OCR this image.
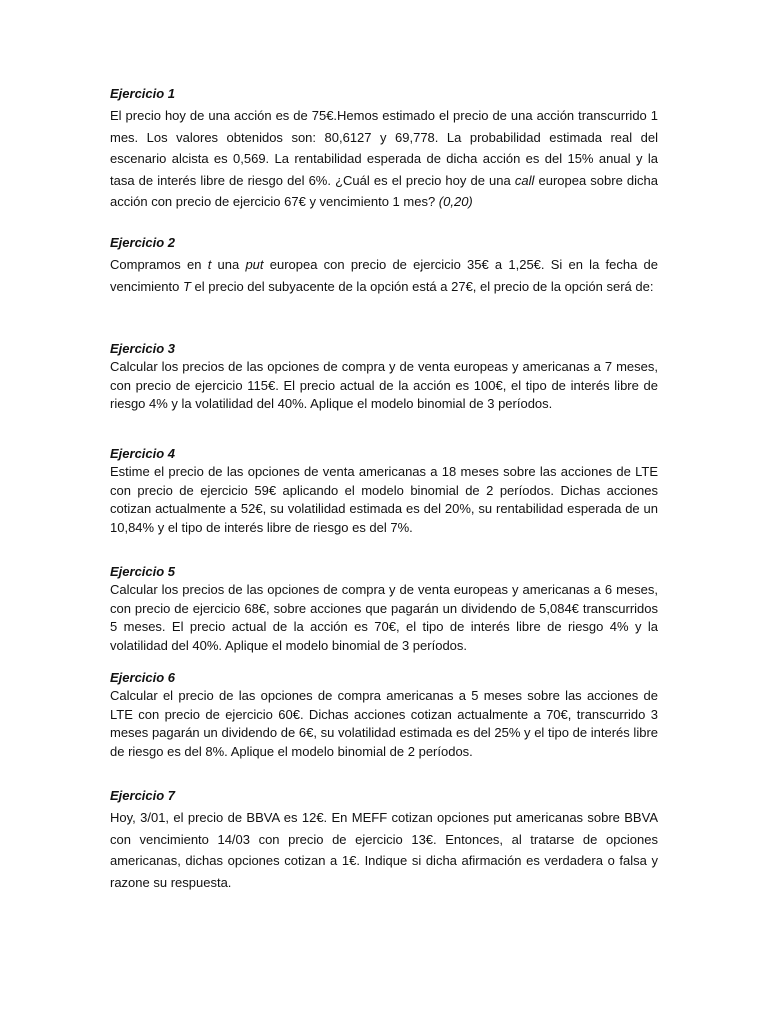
Ejercicio 1

El precio hoy de una acción es de 75€.Hemos estimado el precio de una acción transcurrido 1 mes. Los valores obtenidos son: 80,6127 y 69,778. La probabilidad estimada real del escenario alcista es 0,569. La rentabilidad esperada de dicha acción es del 15% anual y la tasa de interés libre de riesgo del 6%. ¿Cuál es el precio hoy de una call europea sobre dicha acción con precio de ejercicio 67€ y vencimiento 1 mes? (0,20)

Ejercicio 2

Compramos en t una put europea con precio de ejercicio 35€ a 1,25€. Si en la fecha de vencimiento T el precio del subyacente de la opción está a 27€, el precio de la opción será de:

Ejercicio 3

Calcular los precios de las opciones de compra y de venta europeas y americanas a 7 meses, con precio de ejercicio 115€. El precio actual de la acción es 100€, el tipo de interés libre de riesgo 4% y la volatilidad del 40%. Aplique el modelo binomial de 3 períodos.

Ejercicio 4

Estime el precio de las opciones de venta americanas a 18 meses sobre las acciones de LTE con precio de ejercicio 59€ aplicando el modelo binomial de 2 períodos. Dichas acciones cotizan actualmente a 52€, su volatilidad estimada es del 20%, su rentabilidad esperada de un 10,84% y el tipo de interés libre de riesgo es del 7%.

Ejercicio 5

Calcular los precios de las opciones de compra y de venta europeas y americanas a 6 meses, con precio de ejercicio 68€, sobre acciones que pagarán un dividendo de 5,084€ transcurridos 5 meses. El precio actual de la acción es 70€, el tipo de interés libre de riesgo 4% y la volatilidad del 40%. Aplique el modelo binomial de 3 períodos.

Ejercicio 6

Calcular el precio de las opciones de compra americanas a 5 meses sobre las acciones de LTE con precio de ejercicio 60€. Dichas acciones cotizan actualmente a 70€, transcurrido 3 meses pagarán un dividendo de 6€, su volatilidad estimada es del 25% y el tipo de interés libre de riesgo es del 8%. Aplique el modelo binomial de 2 períodos.

Ejercicio 7

Hoy, 3/01, el precio de BBVA es 12€. En MEFF cotizan opciones put americanas sobre BBVA con vencimiento 14/03 con precio de ejercicio 13€. Entonces, al tratarse de opciones americanas, dichas opciones cotizan a 1€. Indique si dicha afirmación es verdadera o falsa y razone su respuesta.
